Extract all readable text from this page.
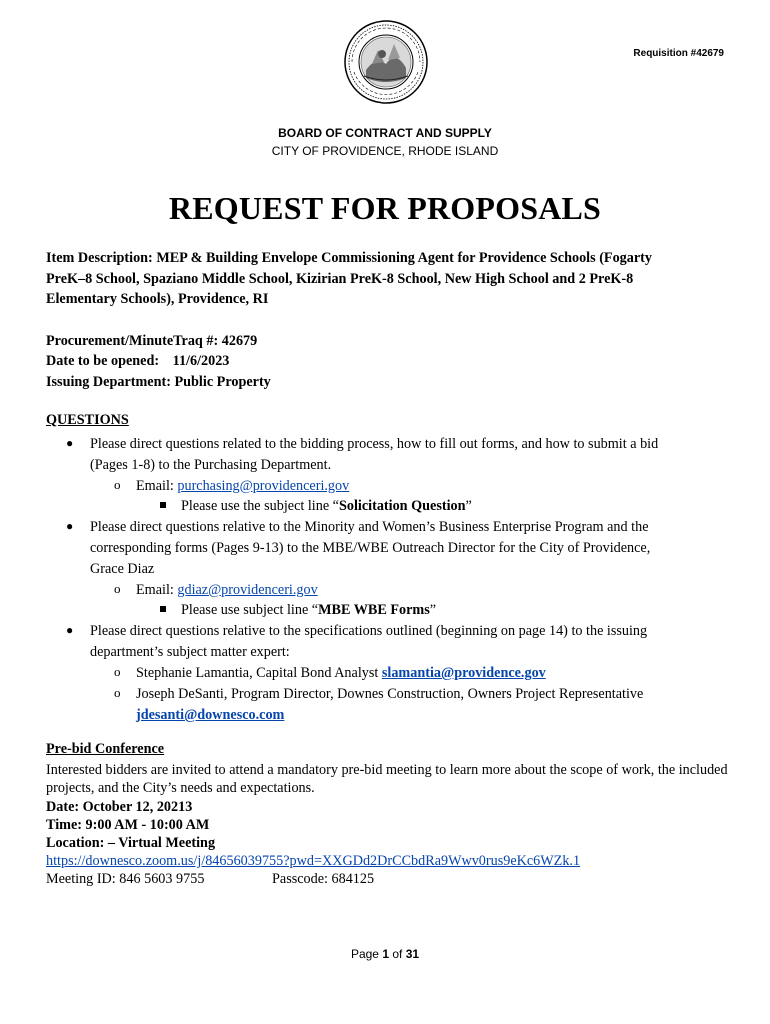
Requisition #42679
BOARD OF CONTRACT AND SUPPLY
CITY OF PROVIDENCE, RHODE ISLAND
REQUEST FOR PROPOSALS
Item Description: MEP & Building Envelope Commissioning Agent for Providence Schools (Fogarty
PreK–8 School, Spaziano Middle School, Kizirian PreK-8 School, New High School and 2 PreK-8
Elementary Schools), Providence, RI
Procurement/MinuteTraq #: 42679
Date to be opened: 11/6/2023
Issuing Department: Public Property
QUESTIONS
● Please direct questions related to the bidding process, how to fill out forms, and how to submit a bid
(Pages 1-8) to the Purchasing Department.
o Email: purchasing@providenceri.gov
Please use the subject line “Solicitation Question”
● Please direct questions relative to the Minority and Women’s Business Enterprise Program and the
corresponding forms (Pages 9-13) to the MBE/WBE Outreach Director for the City of Providence,
Grace Diaz
o Email: gdiaz@providenceri.gov
Please use subject line “MBE WBE Forms”
● Please direct questions relative to the specifications outlined (beginning on page 14) to the issuing
department’s subject matter expert:
o Stephanie Lamantia, Capital Bond Analyst slamantia@providence.gov
o Joseph DeSanti, Program Director, Downes Construction, Owners Project Representative
jdesanti@downesco.com
Pre-bid Conference
Interested bidders are invited to attend a mandatory pre-bid meeting to learn more about the scope of work, the included projects, and the City’s needs and expectations.
Date: October 12, 20213
Time: 9:00 AM - 10:00 AM
Location: – Virtual Meeting
https://downesco.zoom.us/j/84656039755?pwd=XXGDd2DrCCbdRa9Wwv0rus9eKc6WZk.1
Meeting ID: 846 5603 9755	Passcode: 684125
Page 1 of 31
